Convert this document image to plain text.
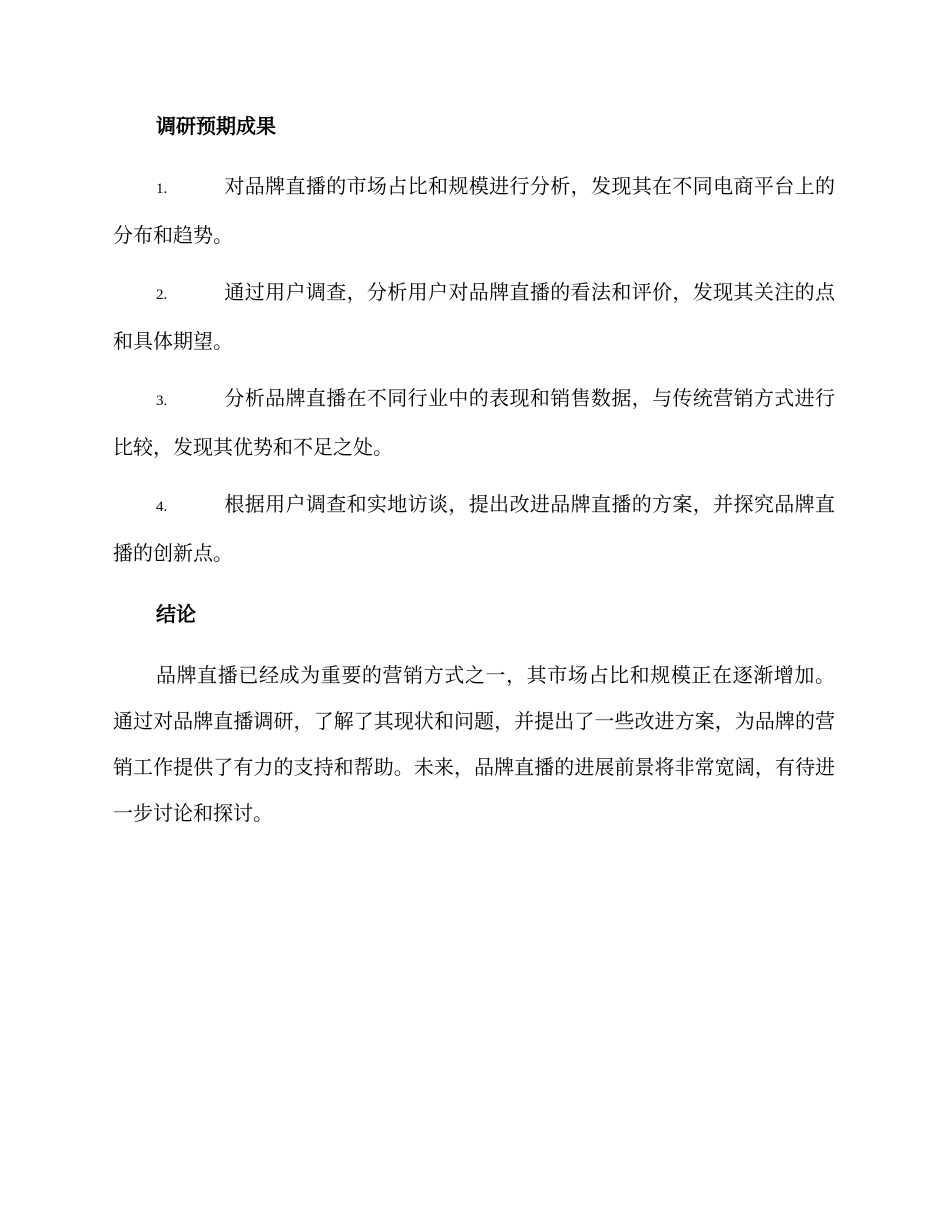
调研预期成果

1.	对品牌直播的市场占比和规模进行分析，发现其在不同电商平台上的分布和趋势。

2.	通过用户调查，分析用户对品牌直播的看法和评价，发现其关注的点和具体期望。

3.	分析品牌直播在不同行业中的表现和销售数据，与传统营销方式进行比较，发现其优势和不足之处。

4.	根据用户调查和实地访谈，提出改进品牌直播的方案，并探究品牌直播的创新点。

结论

品牌直播已经成为重要的营销方式之一，其市场占比和规模正在逐渐增加。通过对品牌直播调研，了解了其现状和问题，并提出了一些改进方案，为品牌的营销工作提供了有力的支持和帮助。未来，品牌直播的进展前景将非常宽阔，有待进一步讨论和探讨。
